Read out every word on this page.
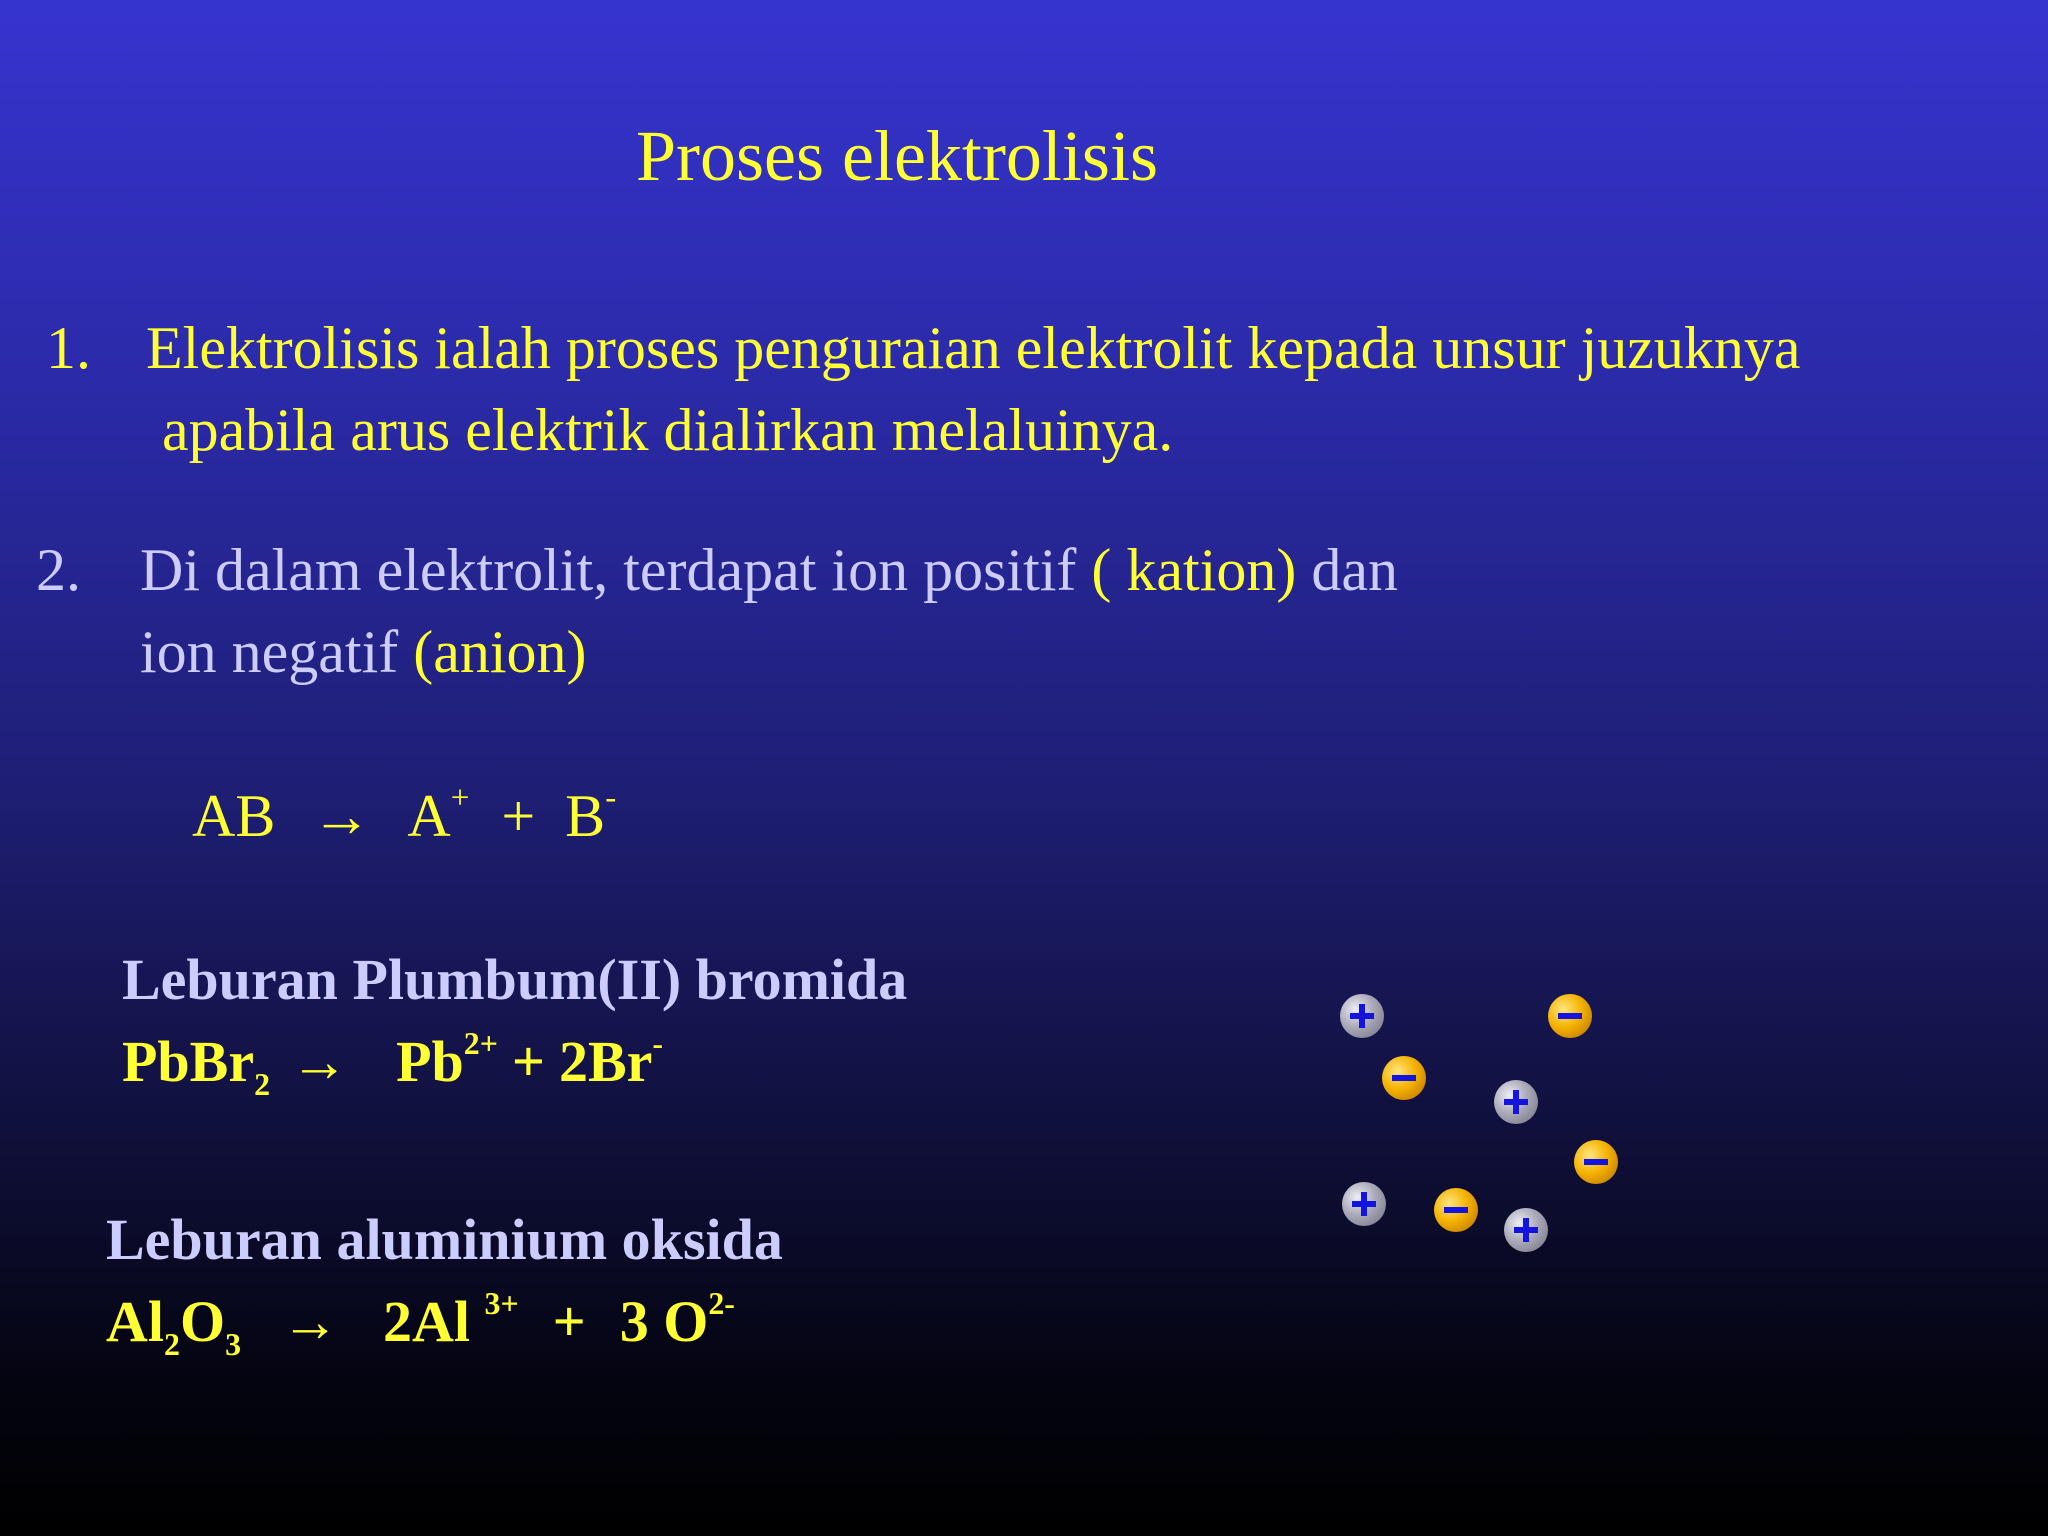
Proses elektrolisis
1. Elektrolisis ialah proses penguraian elektrolit kepada unsur juzuknya
apabila arus elektrik dialirkan melaluinya.
2. Di dalam elektrolit, terdapat ion positif ( kation) dan
ion negatif (anion)
AB → A+ + B-
Leburan Plumbum(II) bromida
PbBr$_2$ → $Pb^{2+} + 2Br^-$
Leburan aluminium oksida
$Al_2O_3 \to 2Al$ $^{3+}$ + 3 $O^{2-}$
